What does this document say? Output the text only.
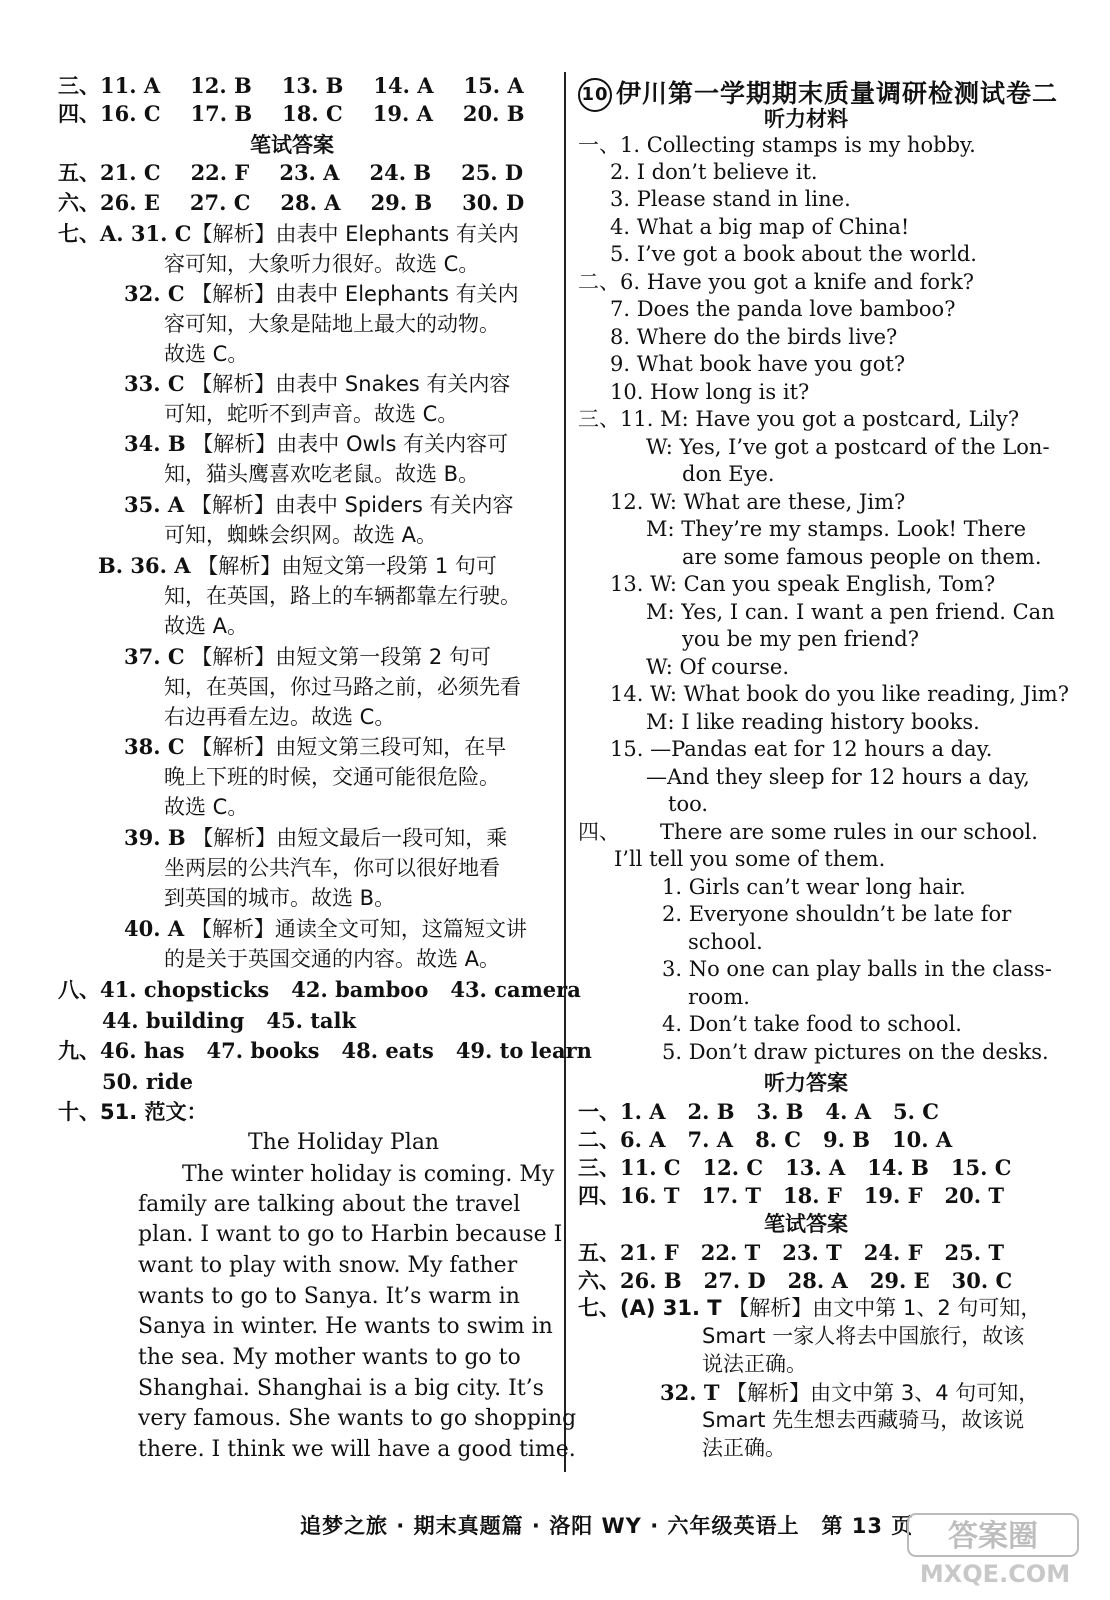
三、11. A 12. B 13. B 14. A 15. A
四、16. C 17. B 18. C 19. A 20. B
笔试答案
五、21. C 22. F 23. A 24. B 25. D
六、26. E 27. C 28. A 29. B 30. D
七、A. 31. C【解析】由表中 Elephants 有关内
容可知，大象听力很好。故选 C。
32. C 【解析】由表中 Elephants 有关内
容可知，大象是陆地上最大的动物。
故选 C。
33. C 【解析】由表中 Snakes 有关内容
可知，蛇听不到声音。故选 C。
34. B 【解析】由表中 Owls 有关内容可
知，猫头鹰喜欢吃老鼠。故选 B。
35. A 【解析】由表中 Spiders 有关内容
可知，蜘蛛会织网。故选 A。
B. 36. A 【解析】由短文第一段第 1 句可
知，在英国，路上的车辆都靠左行驶。
故选 A。
37. C 【解析】由短文第一段第 2 句可
知，在英国，你过马路之前，必须先看
右边再看左边。故选 C。
38. C 【解析】由短文第三段可知，在早
晚上下班的时候，交通可能很危险。
故选 C。
39. B 【解析】由短文最后一段可知，乘
坐两层的公共汽车，你可以很好地看
到英国的城市。故选 B。
40. A 【解析】通读全文可知，这篇短文讲
的是关于英国交通的内容。故选 A。
八、41. chopsticks 42. bamboo 43. camera
44. building 45. talk
九、46. has 47. books 48. eats 49. to learn
50. ride
十、51. 范文：
The Holiday Plan
The winter holiday is coming. My
family are talking about the travel
plan. I want to go to Harbin because I
want to play with snow. My father
wants to go to Sanya. It’s warm in
Sanya in winter. He wants to swim in
the sea. My mother wants to go to
Shanghai. Shanghai is a big city. It’s
very famous. She wants to go shopping
there. I think we will have a good time.
10 伊川第一学期期末质量调研检测试卷二
听力材料
一、1. Collecting stamps is my hobby.
2. I don’t believe it.
3. Please stand in line.
4. What a big map of China!
5. I’ve got a book about the world.
二、6. Have you got a knife and fork?
7. Does the panda love bamboo?
8. Where do the birds live?
9. What book have you got?
10. How long is it?
三、11. M: Have you got a postcard, Lily?
W: Yes, I’ve got a postcard of the Lon-
don Eye.
12. W: What are these, Jim?
M: They’re my stamps. Look! There
are some famous people on them.
13. W: Can you speak English, Tom?
M: Yes, I can. I want a pen friend. Can
you be my pen friend?
W: Of course.
14. W: What book do you like reading, Jim?
M: I like reading history books.
15. —Pandas eat for 12 hours a day.
—And they sleep for 12 hours a day,
too.
四、 There are some rules in our school.
I’ll tell you some of them.
1. Girls can’t wear long hair.
2. Everyone shouldn’t be late for
school.
3. No one can play balls in the class-
room.
4. Don’t take food to school.
5. Don’t draw pictures on the desks.
听力答案
一、1. A 2. B 3. B 4. A 5. C
二、6. A 7. A 8. C 9. B 10. A
三、11. C 12. C 13. A 14. B 15. C
四、16. T 17. T 18. F 19. F 20. T
笔试答案
五、21. F 22. T 23. T 24. F 25. T
六、26. B 27. D 28. A 29. E 30. C
七、(A) 31. T 【解析】由文中第 1、2 句可知，
Smart 一家人将去中国旅行，故该
说法正确。
32. T 【解析】由文中第 3、4 句可知，
Smart 先生想去西藏骑马，故该说
法正确。
追梦之旅 · 期末真题篇 · 洛阳 WY · 六年级英语上　第 13 页 答案圈
MXQE.COM
